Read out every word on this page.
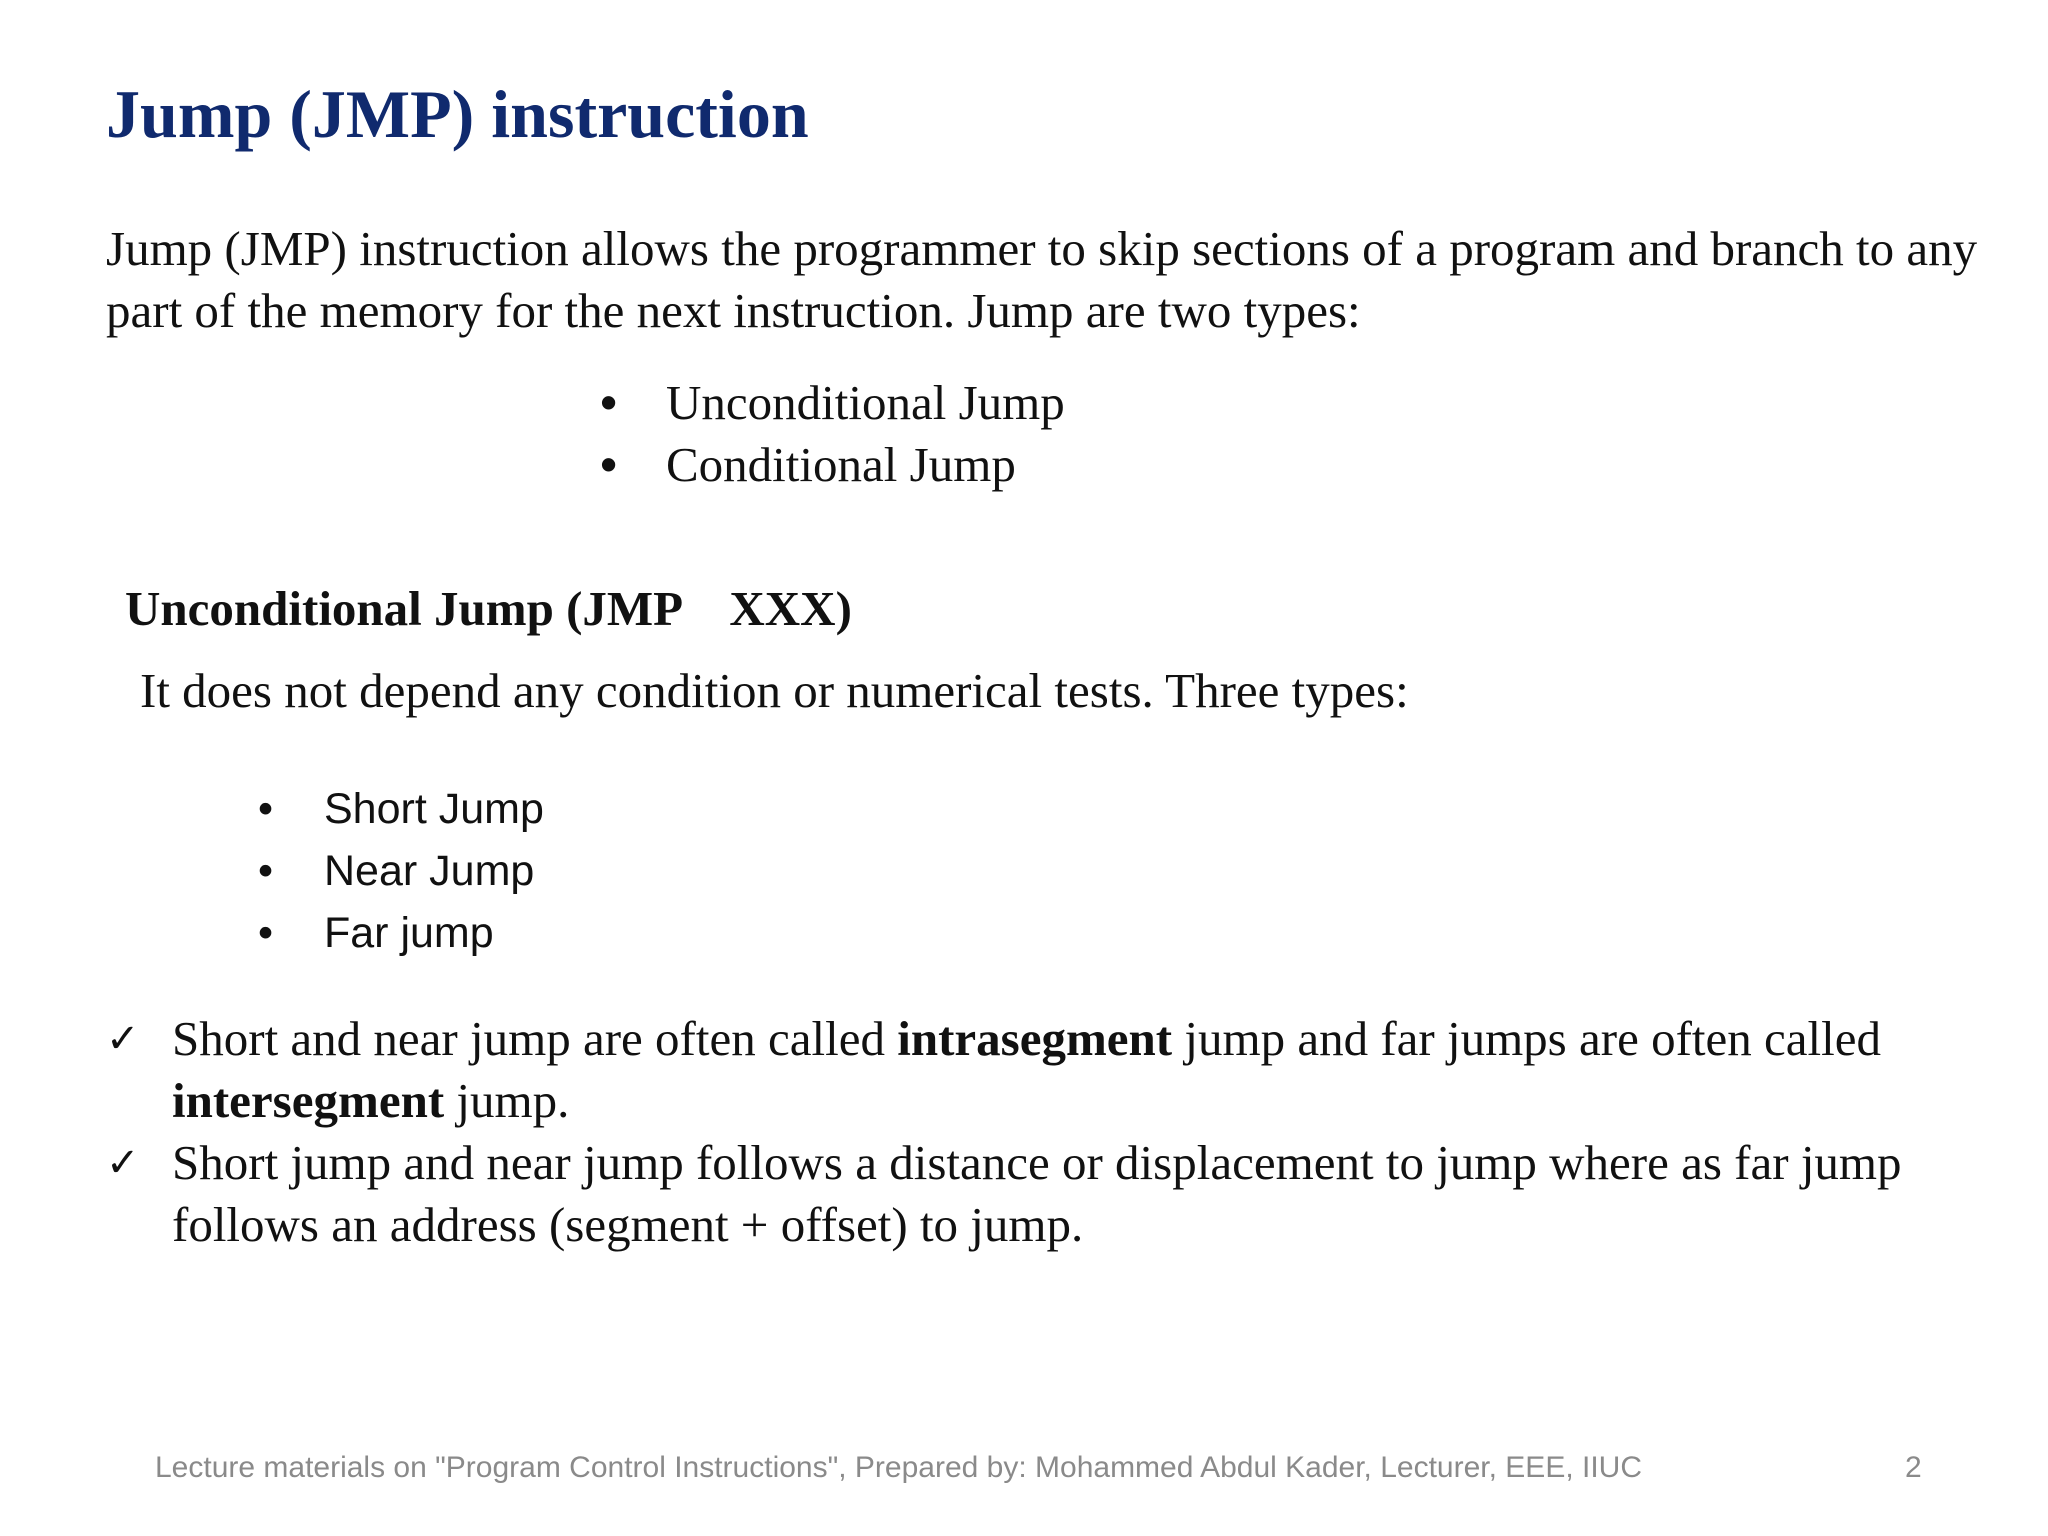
Jump (JMP) instruction

Jump (JMP) instruction allows the programmer to skip sections of a program and branch to any part of the memory for the next instruction. Jump are two types:

• Unconditional Jump
• Conditional Jump
Unconditional Jump (JMP    XXX)

It does not depend any condition or numerical tests. Three types:

• Short Jump
• Near Jump
• Far jump
✓ Short and near jump are often called intrasegment jump and far jumps are often called intersegment jump.
✓ Short jump and near jump follows a distance or displacement to jump where as far jump follows an address (segment + offset) to jump.

Lecture materials on "Program Control Instructions", Prepared by: Mohammed Abdul Kader, Lecturer, EEE, IIUC	2
